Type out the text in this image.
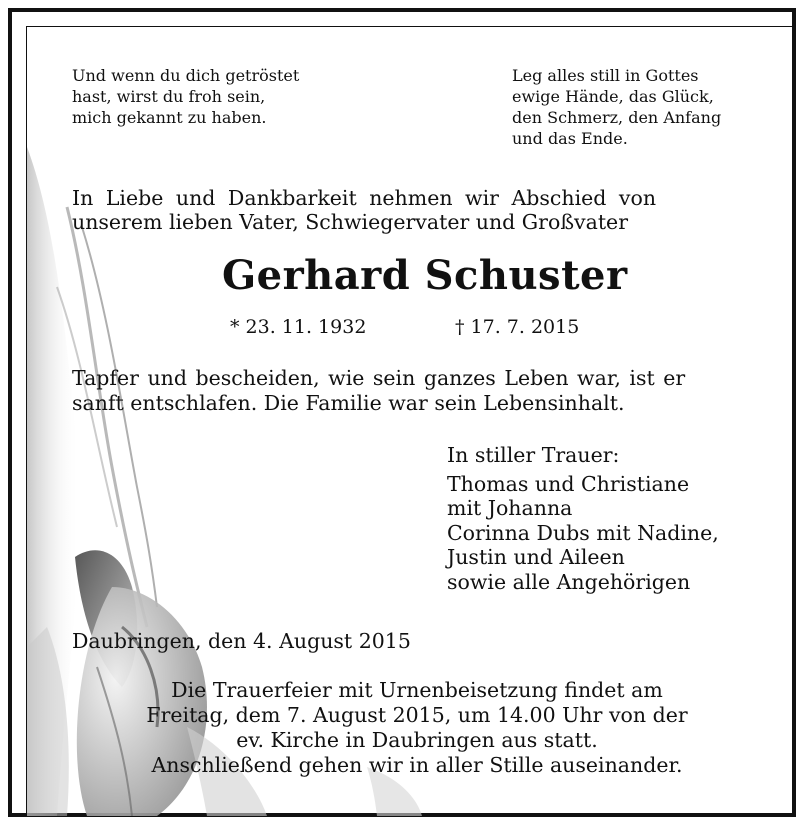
Und wenn du dich getröstet
hast, wirst du froh sein,
mich gekannt zu haben.
Leg alles still in Gottes
ewige Hände, das Glück,
den Schmerz, den Anfang
und das Ende.
In Liebe und Dankbarkeit nehmen wir Abschied von
unserem lieben Vater, Schwiegervater und Großvater
Gerhard Schuster
* 23. 11. 1932	† 17. 7. 2015
Tapfer und bescheiden, wie sein ganzes Leben war, ist er
sanft entschlafen. Die Familie war sein Lebensinhalt.
In stiller Trauer:
Thomas und Christiane
mit Johanna
Corinna Dubs mit Nadine,
Justin und Aileen
sowie alle Angehörigen
Daubringen, den 4. August 2015
Die Trauerfeier mit Urnenbeisetzung findet am
Freitag, dem 7. August 2015, um 14.00 Uhr von der
ev. Kirche in Daubringen aus statt.
Anschließend gehen wir in aller Stille auseinander.
